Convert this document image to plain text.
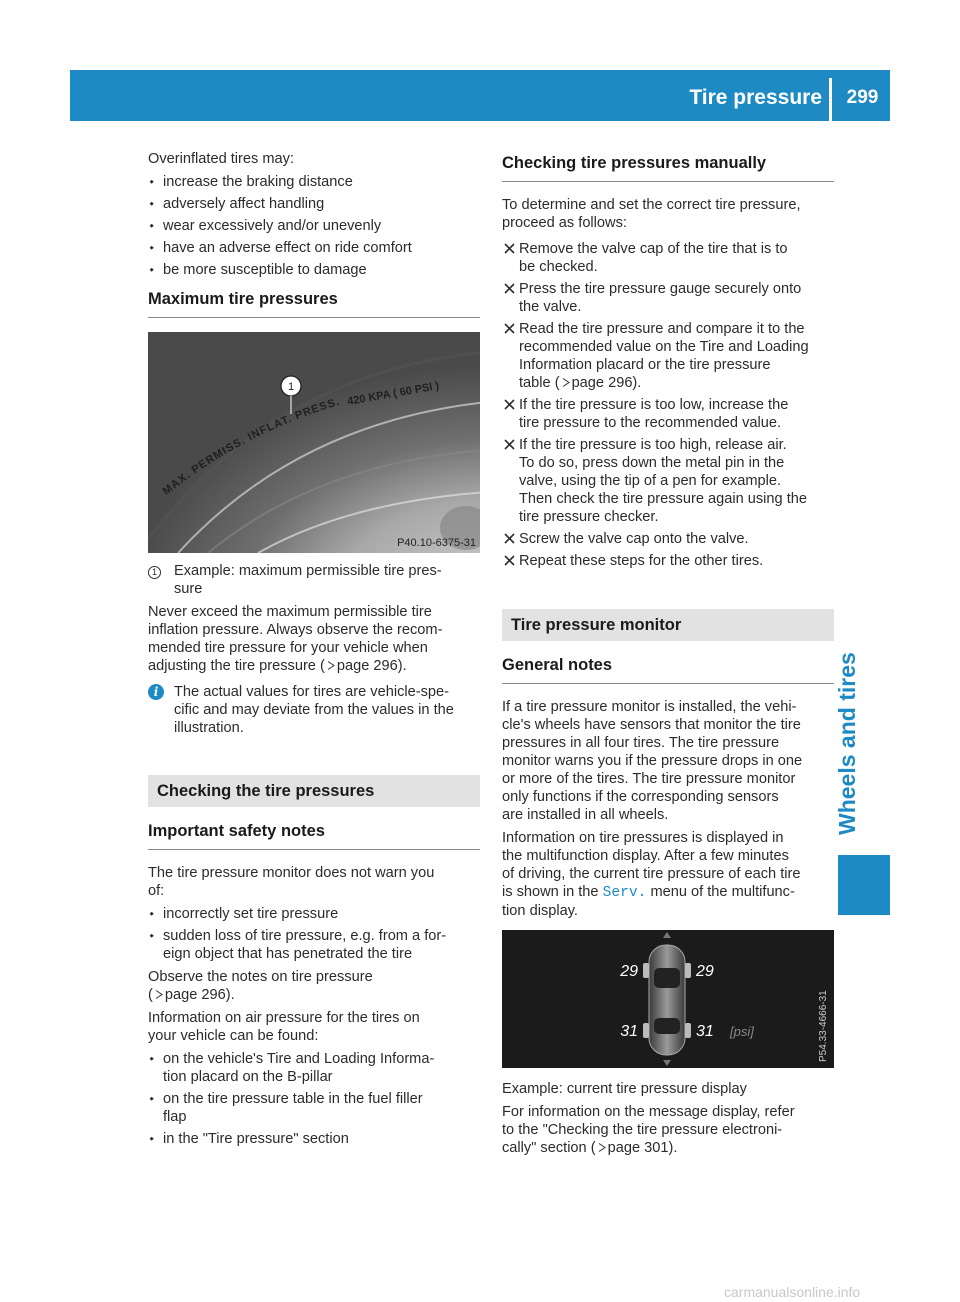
Tire pressure	299
Wheels and tires

Overinflated tires may:

■ increase the braking distance
■ adversely affect handling
■ wear excessively and/or unevenly
■ have an adverse effect on ride comfort
■ be more susceptible to damage
Maximum tire pressures
MAX. PERMISS. INFLAT. PRESS. 420 KPA ( 60 PSI )
1
P40.10-6375-31
1	Example: maximum permissible tire pres-
sure

Never exceed the maximum permissible tire
inflation pressure. Always observe the recom-
mended tire pressure for your vehicle when
adjusting the tire pressure ( page 296).

i	The actual values for tires are vehicle-spe-
cific and may deviate from the values in the
illustration.
Checking the tire pressures
Important safety notes

The tire pressure monitor does not warn you
of:

■ incorrectly set tire pressure
■ sudden loss of tire pressure, e.g. from a for-
eign object that has penetrated the tire

Observe the notes on tire pressure
( page 296).

Information on air pressure for the tires on
your vehicle can be found:

■ on the vehicle's Tire and Loading Informa-
tion placard on the B-pillar
■ on the tire pressure table in the fuel filler
flap
■ in the "Tire pressure" section
Checking tire pressures manually

To determine and set the correct tire pressure,
proceed as follows:

Remove the valve cap of the tire that is to
be checked.
Press the tire pressure gauge securely onto
the valve.
Read the tire pressure and compare it to the
recommended value on the Tire and Loading
Information placard or the tire pressure
table ( page 296).
If the tire pressure is too low, increase the
tire pressure to the recommended value.
If the tire pressure is too high, release air.
To do so, press down the metal pin in the
valve, using the tip of a pen for example.
Then check the tire pressure again using the
tire pressure checker.
Screw the valve cap onto the valve.
Repeat these steps for the other tires.
Tire pressure monitor
General notes

If a tire pressure monitor is installed, the vehi-
cle's wheels have sensors that monitor the tire
pressures in all four tires. The tire pressure
monitor warns you if the pressure drops in one
or more of the tires. The tire pressure monitor
only functions if the corresponding sensors
are installed in all wheels.

Information on tire pressures is displayed in
the multifunction display. After a few minutes
of driving, the current tire pressure of each tire
is shown in the Serv. menu of the multifunc-
tion display.

29	29
31	31 [psi]	P54.33-4666-31

Example: current tire pressure display

For information on the message display, refer
to the "Checking the tire pressure electroni-
cally" section ( page 301).

carmanualsonline.info
